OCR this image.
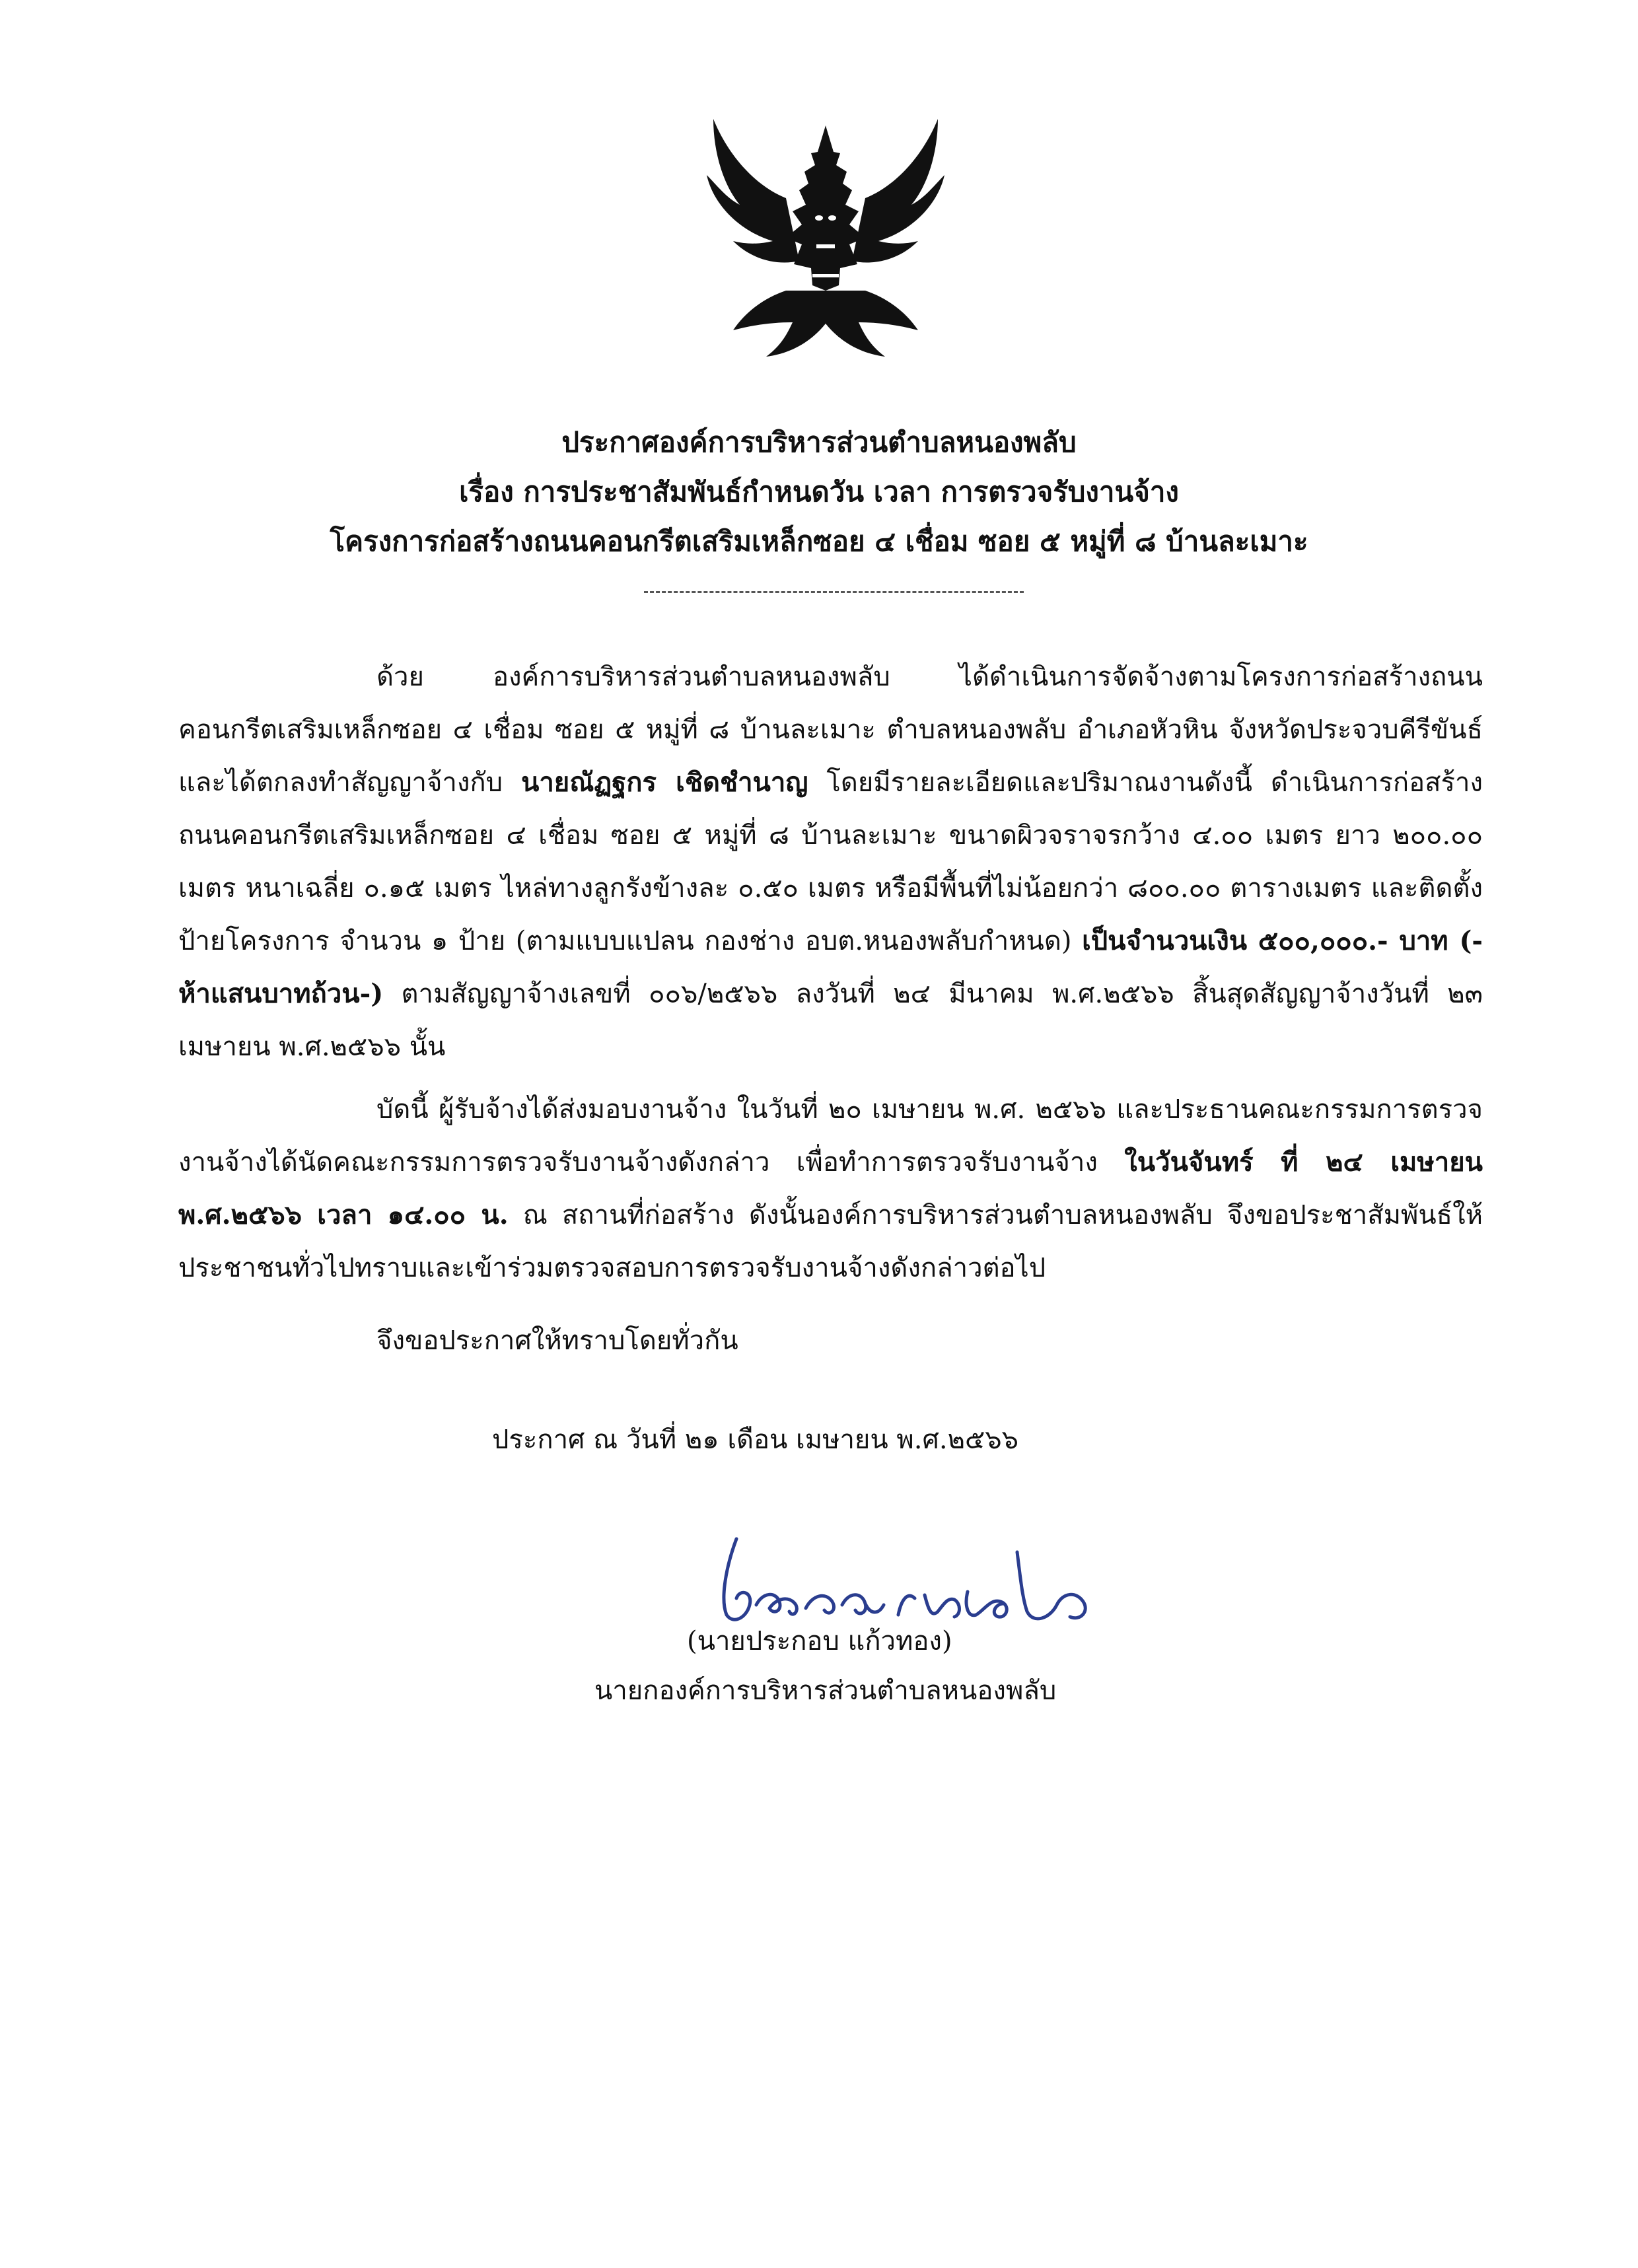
ประกาศองค์การบริหารส่วนตำบลหนองพลับ
เรื่อง การประชาสัมพันธ์กำหนดวัน เวลา การตรวจรับงานจ้าง
โครงการก่อสร้างถนนคอนกรีตเสริมเหล็กซอย ๔ เชื่อม ซอย ๕ หมู่ที่ ๘ บ้านละเมาะ
ด้วย องค์การบริหารส่วนตำบลหนองพลับ ได้ดำเนินการจัดจ้างตามโครงการก่อสร้างถนนคอนกรีตเสริมเหล็กซอย ๔ เชื่อม ซอย ๕ หมู่ที่ ๘ บ้านละเมาะ ตำบลหนองพลับ อำเภอหัวหิน จังหวัดประจวบคีรีขันธ์ และได้ตกลงทำสัญญาจ้างกับ นายณัฏฐกร เชิดชำนาญ โดยมีรายละเอียดและปริมาณงานดังนี้ ดำเนินการก่อสร้างถนนคอนกรีตเสริมเหล็กซอย ๔ เชื่อม ซอย ๕ หมู่ที่ ๘ บ้านละเมาะ ขนาดผิวจราจรกว้าง ๔.๐๐ เมตร ยาว ๒๐๐.๐๐ เมตร หนาเฉลี่ย ๐.๑๕ เมตร ไหล่ทางลูกรังข้างละ ๐.๕๐ เมตร หรือมีพื้นที่ไม่น้อยกว่า ๘๐๐.๐๐ ตารางเมตร และติดตั้งป้ายโครงการ จำนวน ๑ ป้าย (ตามแบบแปลน กองช่าง อบต.หนองพลับกำหนด) เป็นจำนวนเงิน ๕๐๐,๐๐๐.- บาท (-ห้าแสนบาทถ้วน-) ตามสัญญาจ้างเลขที่ ๐๐๖/๒๕๖๖ ลงวันที่ ๒๔ มีนาคม พ.ศ.๒๕๖๖ สิ้นสุดสัญญาจ้างวันที่ ๒๓ เมษายน พ.ศ.๒๕๖๖ นั้น
บัดนี้ ผู้รับจ้างได้ส่งมอบงานจ้าง ในวันที่ ๒๐ เมษายน พ.ศ. ๒๕๖๖ และประธานคณะกรรมการตรวจงานจ้างได้นัดคณะกรรมการตรวจรับงานจ้างดังกล่าว เพื่อทำการตรวจรับงานจ้าง ในวันจันทร์ ที่ ๒๔ เมษายน พ.ศ.๒๕๖๖ เวลา ๑๔.๐๐ น. ณ สถานที่ก่อสร้าง ดังนั้นองค์การบริหารส่วนตำบลหนองพลับ จึงขอประชาสัมพันธ์ให้ประชาชนทั่วไปทราบและเข้าร่วมตรวจสอบการตรวจรับงานจ้างดังกล่าวต่อไป
จึงขอประกาศให้ทราบโดยทั่วกัน
ประกาศ ณ วันที่ ๒๑ เดือน เมษายน พ.ศ.๒๕๖๖
(นายประกอบ แก้วทอง)
นายกองค์การบริหารส่วนตำบลหนองพลับ
